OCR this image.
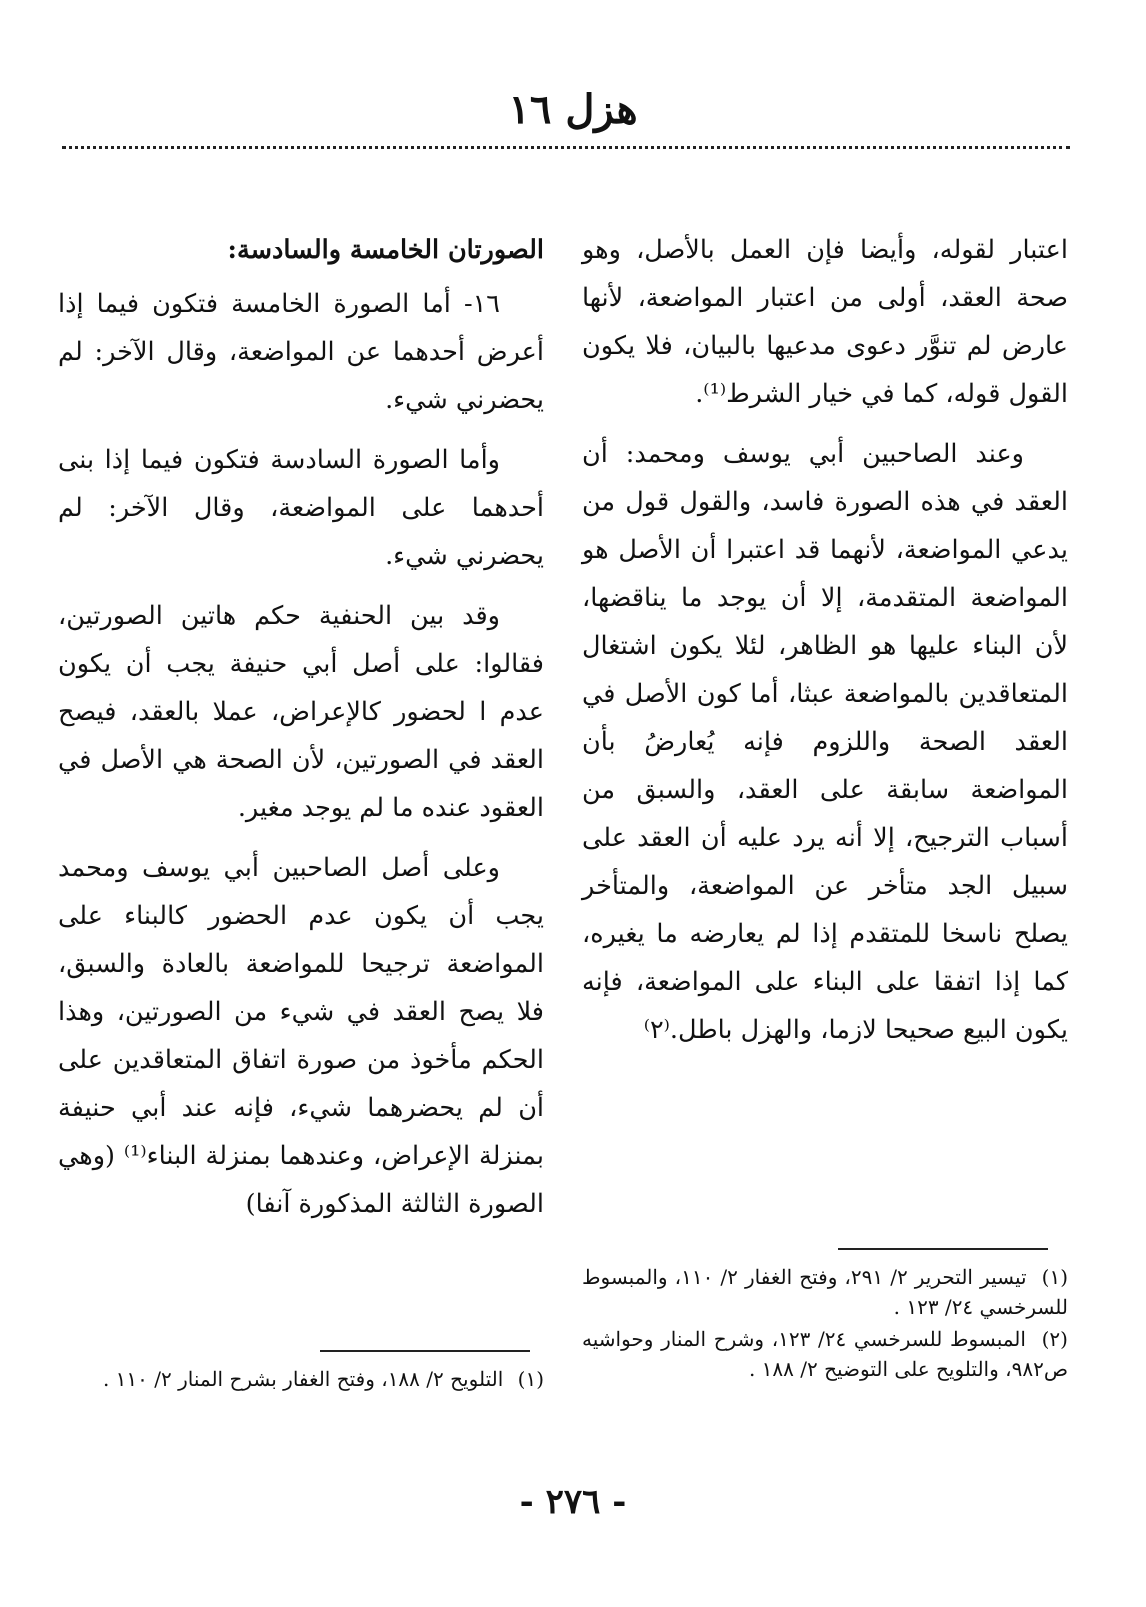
هزل ١٦

اعتبار لقوله، وأيضا فإن العمل بالأصل، وهو صحة العقد، أولى من اعتبار المواضعة، لأنها عارض لم تنوَّر دعوى مدعيها بالبيان، فلا يكون القول قوله، كما في خيار الشرط⁽¹⁾.

وعند الصاحبين أبي يوسف ومحمد: أن العقد في هذه الصورة فاسد، والقول قول من يدعي المواضعة، لأنهما قد اعتبرا أن الأصل هو المواضعة المتقدمة، إلا أن يوجد ما يناقضها، لأن البناء عليها هو الظاهر، لئلا يكون اشتغال المتعاقدين بالمواضعة عبثا، أما كون الأصل في العقد الصحة واللزوم فإنه يُعارضُ بأن المواضعة سابقة على العقد، والسبق من أسباب الترجيح، إلا أنه يرد عليه أن العقد على سبيل الجد متأخر عن المواضعة، والمتأخر يصلح ناسخا للمتقدم إذا لم يعارضه ما يغيره، كما إذا اتفقا على البناء على المواضعة، فإنه يكون البيع صحيحا لازما، والهزل باطل.⁽٢⁾

الصورتان الخامسة والسادسة:

١٦- أما الصورة الخامسة فتكون فيما إذا أعرض أحدهما عن المواضعة، وقال الآخر: لم يحضرني شيء.

وأما الصورة السادسة فتكون فيما إذا بنى أحدهما على المواضعة، وقال الآخر: لم يحضرني شيء.

وقد بين الحنفية حكم هاتين الصورتين، فقالوا: على أصل أبي حنيفة يجب أن يكون عدم ا لحضور كالإعراض، عملا بالعقد، فيصح العقد في الصورتين، لأن الصحة هي الأصل في العقود عنده ما لم يوجد مغير.

وعلى أصل الصاحبين أبي يوسف ومحمد يجب أن يكون عدم الحضور كالبناء على المواضعة ترجيحا للمواضعة بالعادة والسبق، فلا يصح العقد في شيء من الصورتين، وهذا الحكم مأخوذ من صورة اتفاق المتعاقدين على أن لم يحضرهما شيء، فإنه عند أبي حنيفة بمنزلة الإعراض، وعندهما بمنزلة البناء⁽¹⁾ (وهي الصورة الثالثة المذكورة آنفا)

(١) تيسير التحرير ٢/ ٢٩١، وفتح الغفار ٢/ ١١٠، والمبسوط للسرخسي ٢٤/ ١٢٣ .

(٢) المبسوط للسرخسي ٢٤/ ١٢٣، وشرح المنار وحواشيه ص٩٨٢، والتلويح على التوضيح ٢/ ١٨٨ .

(١) التلويح ٢/ ١٨٨، وفتح الغفار بشرح المنار ٢/ ١١٠ .

- ٢٧٦ -
